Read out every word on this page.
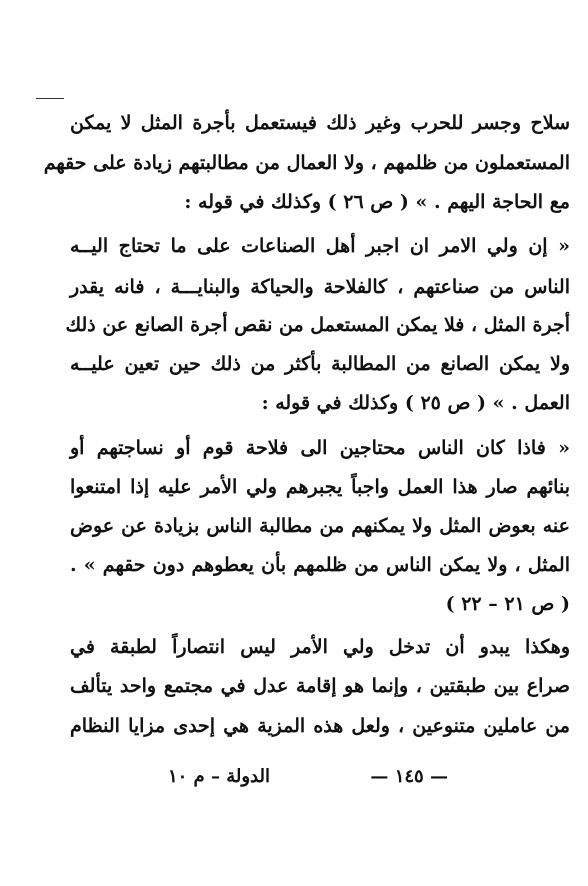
سلاح وجسر للحرب وغير ذلك فيستعمل بأجرة المثل لا يمكن
المستعملون من ظلمهم ، ولا العمال من مطالبتهم زيادة على حقهم
مع الحاجة اليهم . » ( ص ٢٦ ) وكذلك في قوله :
« إن ولي الامر ان اجبر أهل الصناعات على ما تحتاج اليــه
الناس من صناعتهم ، كالفلاحة والحياكة والبنايـــة ، فانه يقدر
أجرة المثل ، فلا يمكن المستعمل من نقص أجرة الصانع عن ذلك
ولا يمكن الصانع من المطالبة بأكثر من ذلك حين تعين عليــه
العمل . » ( ص ٢٥ ) وكذلك في قوله :
« فاذا كان الناس محتاجين الى فلاحة قوم أو نساجتهم أو
بنائهم صار هذا العمل واجباً يجبرهم ولي الأمر عليه إذا امتنعوا
عنه بعوض المثل ولا يمكنهم من مطالبة الناس بزيادة عن عوض
المثل ، ولا يمكن الناس من ظلمهم بأن يعطوهم دون حقهم » .
( ص ٢١ – ٢٢ )
وهكذا يبدو أن تدخل ولي الأمر ليس انتصاراً لطبقة في
صراع بين طبقتين ، وإنما هو إقامة عدل في مجتمع واحد يتألف
من عاملين متنوعين ، ولعل هذه المزية هي إحدى مزايا النظام
— ١٤٥ —
الدولة – م ١٠
